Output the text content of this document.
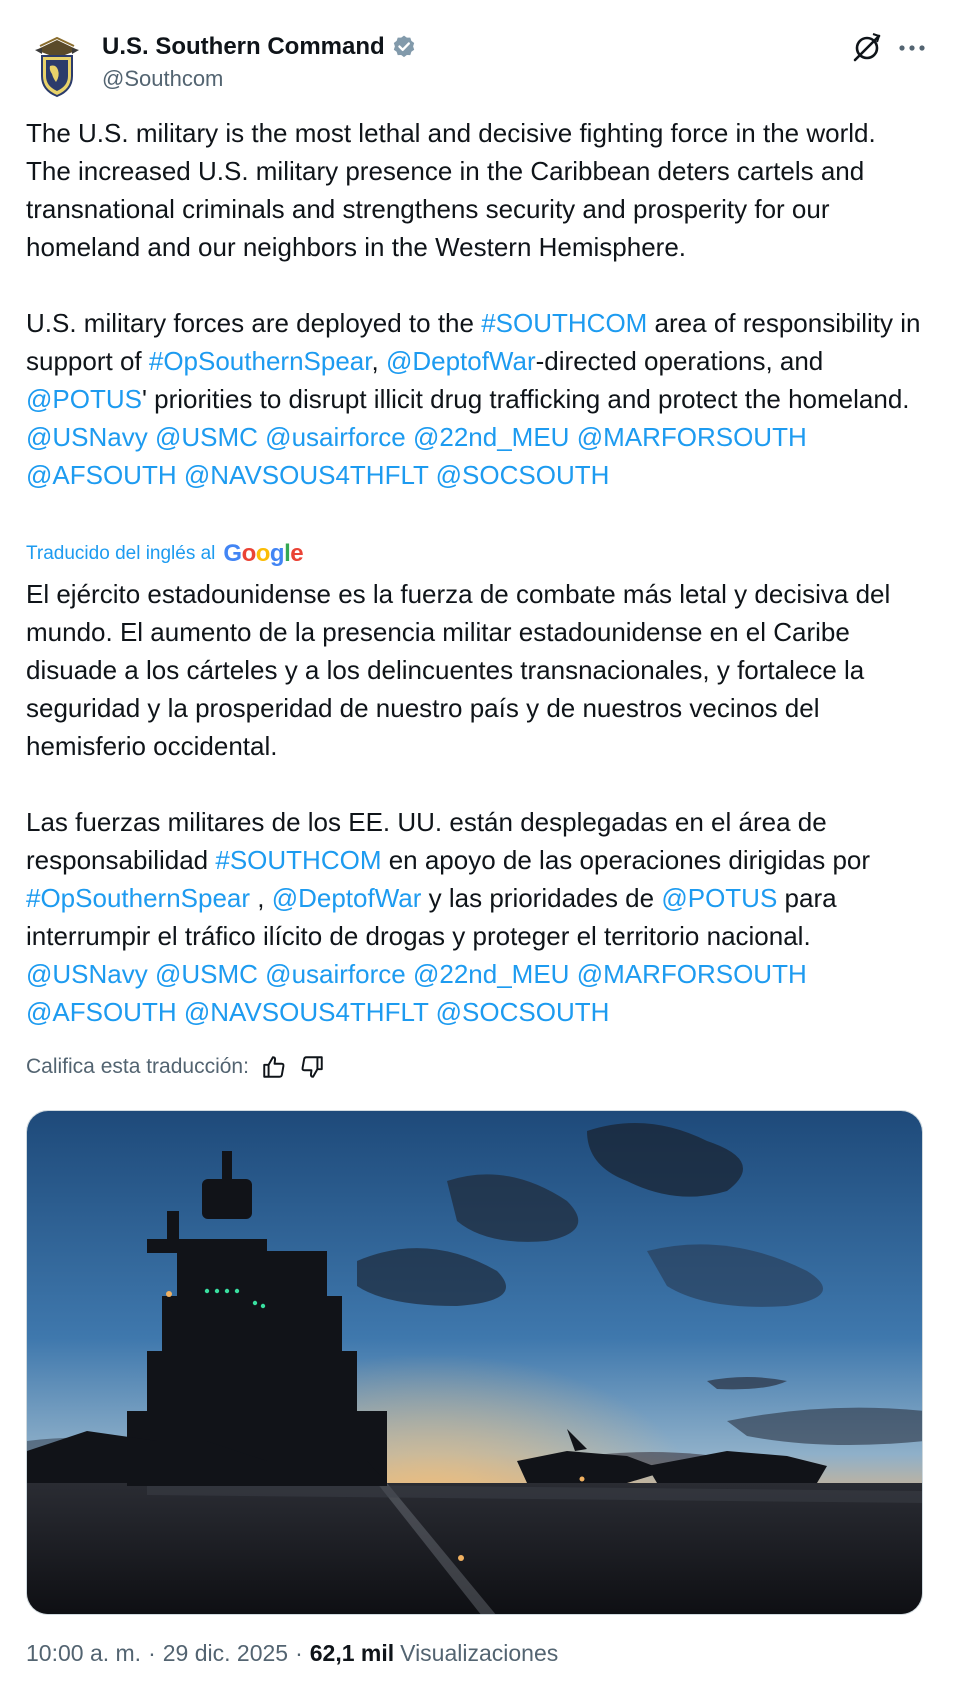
U.S. Southern Command
@Southcom
The U.S. military is the most lethal and decisive fighting force in the world. The increased U.S. military presence in the Caribbean deters cartels and transnational criminals and strengthens security and prosperity for our homeland and our neighbors in the Western Hemisphere.
U.S. military forces are deployed to the #SOUTHCOM area of responsibility in support of #OpSouthernSpear, @DeptofWar-directed operations, and @POTUS' priorities to disrupt illicit drug trafficking and protect the homeland. @USNavy @USMC @usairforce @22nd_MEU @MARFORSOUTH @AFSOUTH @NAVSOUS4THFLT @SOCSOUTH
Traducido del inglés al Google
El ejército estadounidense es la fuerza de combate más letal y decisiva del mundo. El aumento de la presencia militar estadounidense en el Caribe disuade a los cárteles y a los delincuentes transnacionales, y fortalece la seguridad y la prosperidad de nuestro país y de nuestros vecinos del hemisferio occidental.
Las fuerzas militares de los EE. UU. están desplegadas en el área de responsabilidad #SOUTHCOM en apoyo de las operaciones dirigidas por #OpSouthernSpear , @DeptofWar y las prioridades de @POTUS para interrumpir el tráfico ilícito de drogas y proteger el territorio nacional. @USNavy @USMC @usairforce @22nd_MEU @MARFORSOUTH @AFSOUTH @NAVSOUS4THFLT @SOCSOUTH
Califica esta traducción:
10:00 a. m. · 29 dic. 2025 · 62,1 mil Visualizaciones
